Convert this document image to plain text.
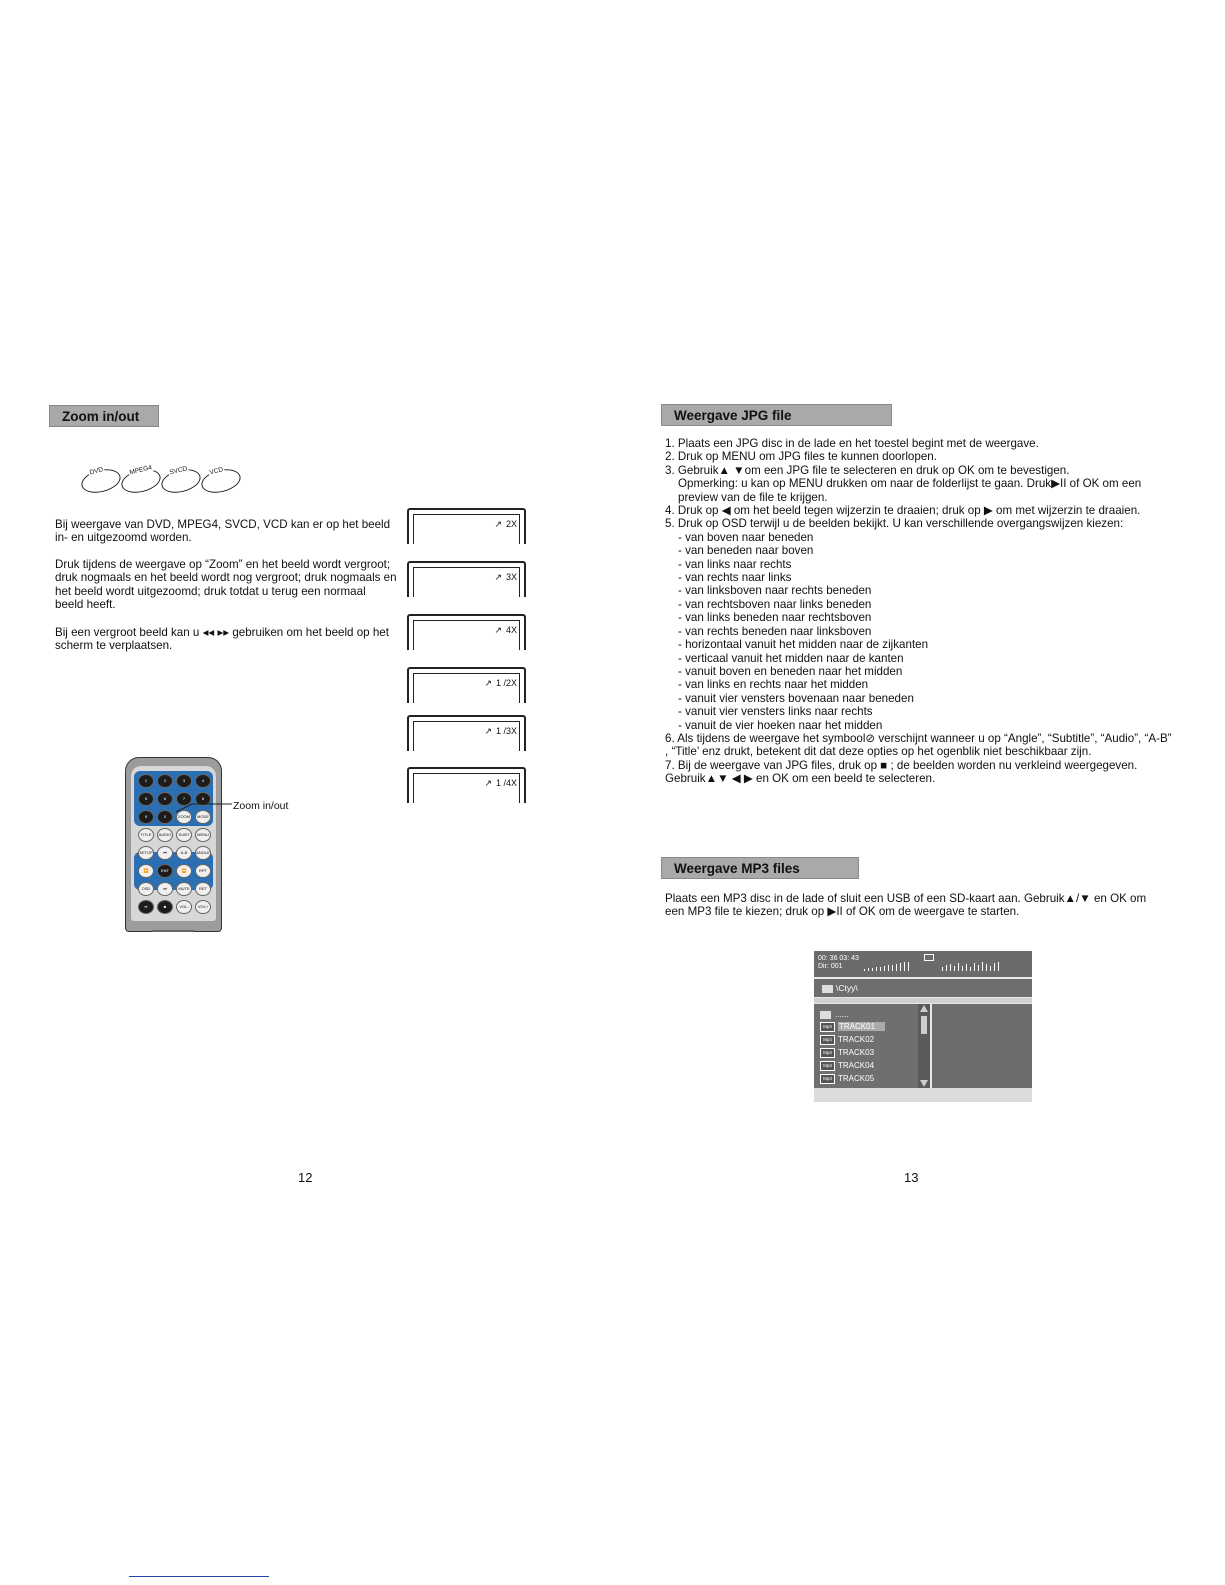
Zoom in/out
DVD	MPEG4 SVCD	VCD

Bij weergave van DVD, MPEG4, SVCD, VCD kan er op het beeld in- en uitgezoomd worden.

Druk tijdens de weergave op “Zoom” en het beeld wordt vergroot; druk nogmaals en het beeld wordt nog vergroot; druk nogmaals en het beeld wordt uitgezoomd; druk totdat u terug een normaal beeld heeft.

Bij een vergroot beeld kan u ◂◂ ▸▸ gebruiken om het beeld op het scherm te verplaatsen.

↗ 2X
↗ 3X
↗ 4X
↗ 1 /2X
↗ 1 /3X
↗ 1 /4X
1	2	3	4
5	6	7	8
9	0	ZOOM	MODE
TITLE	AUDIO	SUBT	MENU
SETUP	⏮	A-B	ANGLE
⏪	ENT	⏩	RPT
OSD	⏭	MUTE	RET
⏯	■	VOL-	VOL+
Zoom in/out
12
Weergave JPG file
1. Plaats een JPG disc in de lade en het toestel begint met de weergave.
2. Druk op MENU om JPG files te kunnen doorlopen.
3. Gebruik▲ ▼om een JPG file te selecteren en druk op OK om te bevestigen.
Opmerking: u kan op MENU drukken om naar de folderlijst te gaan. Druk▶II of OK om een preview van de file te krijgen.
4. Druk op ◀ om het beeld tegen wijzerzin te draaien; druk op ▶ om met wijzerzin te draaien.
5. Druk op OSD terwijl u de beelden bekijkt. U kan verschillende overgangswijzen kiezen:
- van boven naar beneden
- van beneden naar boven
- van links naar rechts
- van rechts naar links
- van linksboven naar rechts beneden
- van rechtsboven naar links beneden
- van links beneden naar rechtsboven
- van rechts beneden naar linksboven
- horizontaal vanuit het midden naar de zijkanten
- verticaal vanuit het midden naar de kanten
- vanuit boven en beneden naar het midden
- van links en rechts naar het midden
- vanuit vier vensters bovenaan naar beneden
- vanuit vier vensters links naar rechts
- vanuit de vier hoeken naar het midden
6. Als tijdens de weergave het symbool⊘ verschijnt wanneer u op “Angle”, “Subtitle”, “Audio”, “A-B” , “Title’ enz drukt, betekent dit dat deze opties op het ogenblik niet beschikbaar zijn.
7. Bij de weergave van JPG files, druk op ■ ; de beelden worden nu verkleind weergegeven. Gebruik▲▼ ◀ ▶ en OK om een beeld te selecteren.
Weergave MP3 files

Plaats een MP3 disc in de lade of sluit een USB of een SD-kaart aan. Gebruik▲/▼ en OK om een MP3 file te kiezen; druk op ▶II of OK om de weergave te starten.

00: 36 03: 43
Dir: 001
\Ctyy\
......
Mp3 TRACK01
Mp3 TRACK02
Mp3 TRACK03
Mp3 TRACK04
Mp3 TRACK05
13
